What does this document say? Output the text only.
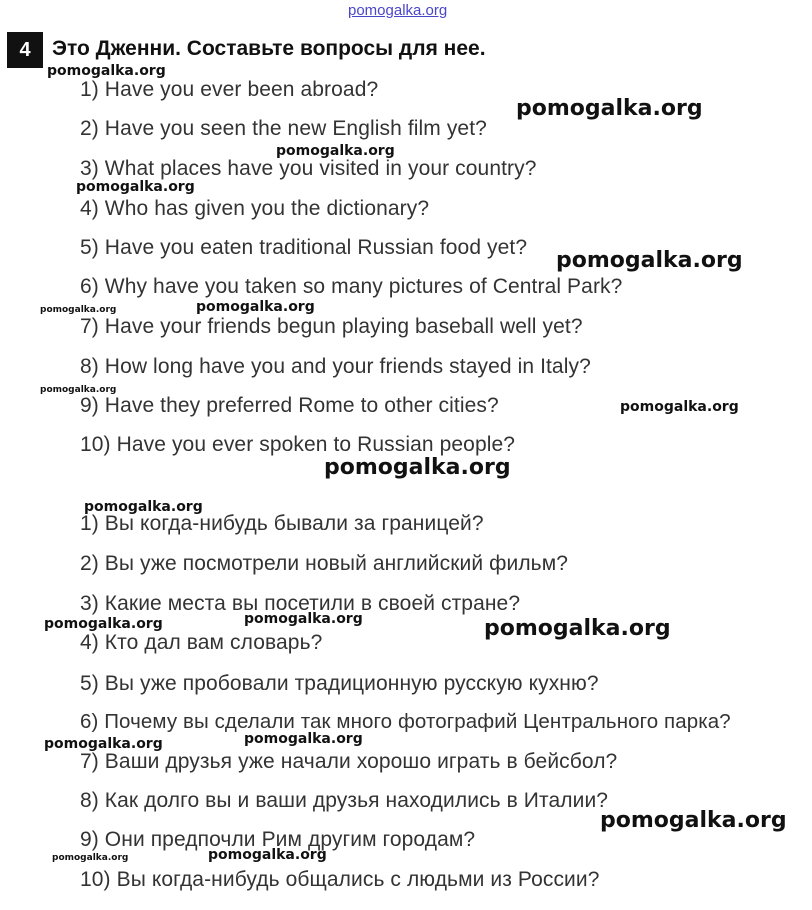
pomogalka.org
4	Это Дженни. Составьте вопросы для нее.
1) Have you ever been abroad?
2) Have you seen the new English film yet?
3) What places have you visited in your country?
4) Who has given you the dictionary?
5) Have you eaten traditional Russian food yet?
6) Why have you taken so many pictures of Central Park?
7) Have your friends begun playing baseball well yet?
8) How long have you and your friends stayed in Italy?
9) Have they preferred Rome to other cities?
10) Have you ever spoken to Russian people?
1) Вы когда-нибудь бывали за границей?
2) Вы уже посмотрели новый английский фильм?
3) Какие места вы посетили в своей стране?
4) Кто дал вам словарь?
5) Вы уже пробовали традиционную русскую кухню?
6) Почему вы сделали так много фотографий Центрального парка?
7) Ваши друзья уже начали хорошо играть в бейсбол?
8) Как долго вы и ваши друзья находились в Италии?
9) Они предпочли Рим другим городам?
10) Вы когда-нибудь общались с людьми из России?
pomogalka.org
pomogalka.org
pomogalka.org
pomogalka.org
pomogalka.org
pomogalka.org	pomogalka.org
pomogalka.org
pomogalka.org
pomogalka.org
pomogalka.org
pomogalka.org	pomogalka.org	pomogalka.org
pomogalka.org	pomogalka.org
pomogalka.org
pomogalka.org	pomogalka.org
